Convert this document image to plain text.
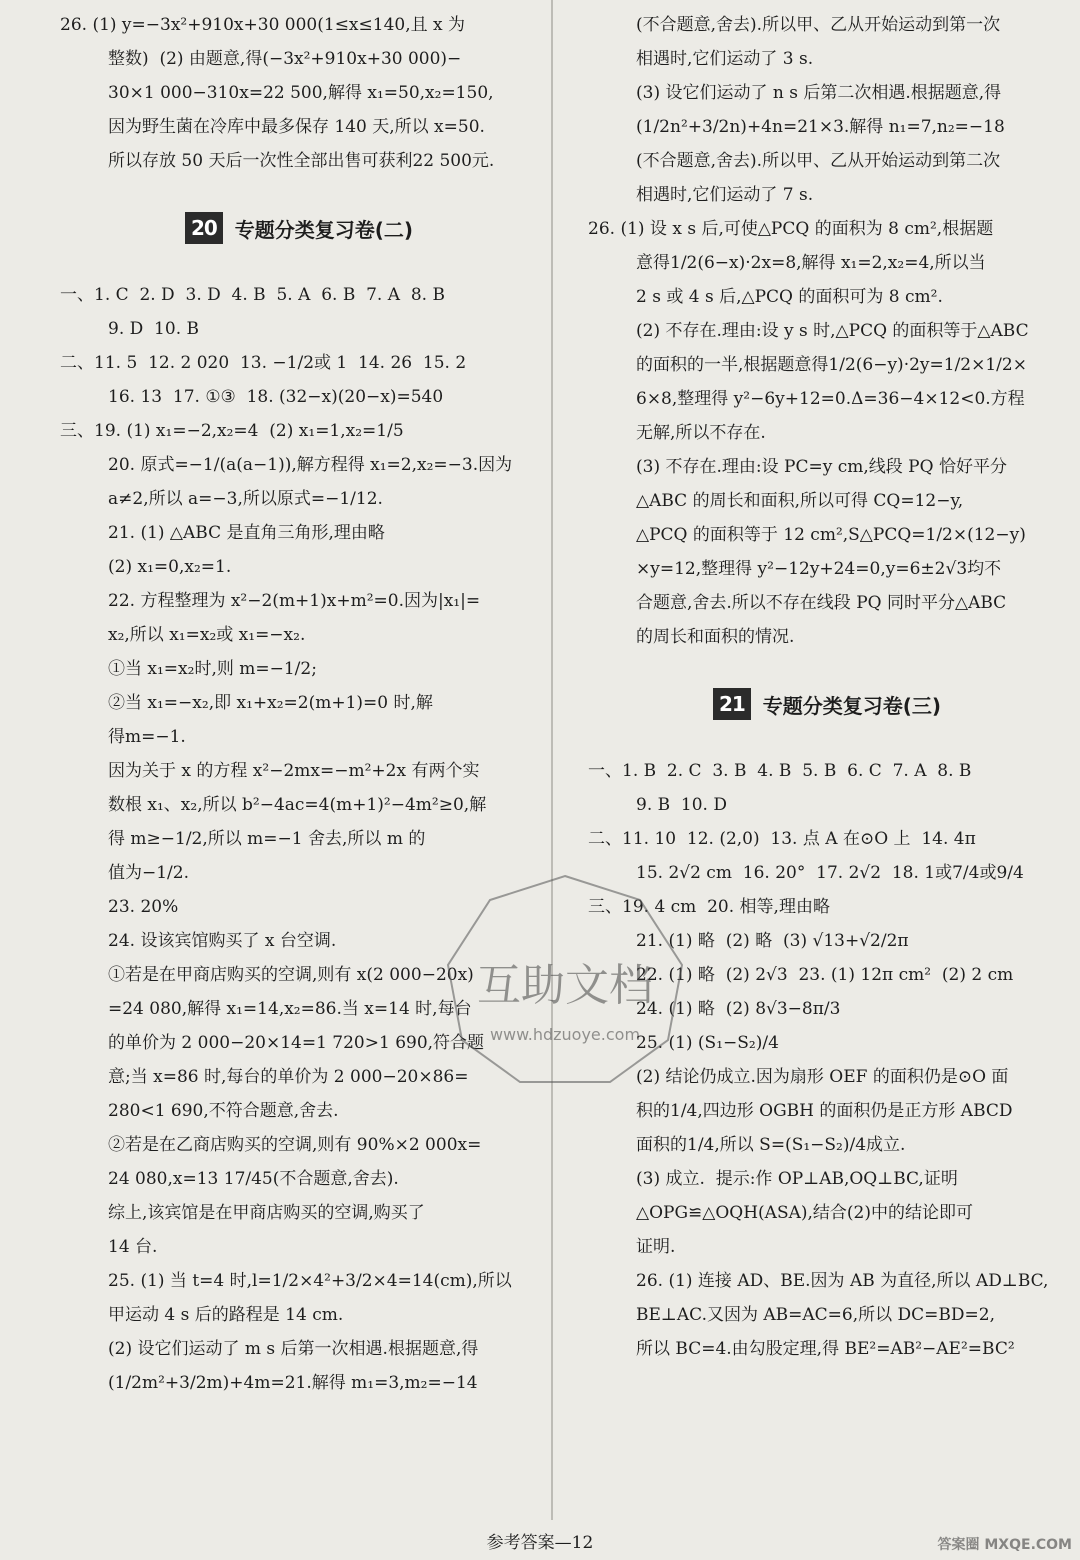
26. (1) y=−3x²+910x+30 000(1≤x≤140,且 x 为

整数)  (2) 由题意,得(−3x²+910x+30 000)−

30×1 000−310x=22 500,解得 x₁=50,x₂=150,

因为野生菌在冷库中最多保存 140 天,所以 x=50.

所以存放 50 天后一次性全部出售可获利22 500元.

20 专题分类复习卷(二)

一、1. C  2. D  3. D  4. B  5. A  6. B  7. A  8. B

9. D  10. B

二、11. 5  12. 2 020  13. −1/2或 1  14. 26  15. 2

16. 13  17. ①③  18. (32−x)(20−x)=540

三、19. (1) x₁=−2,x₂=4  (2) x₁=1,x₂=1/5

20. 原式=−1/(a(a−1)),解方程得 x₁=2,x₂=−3.因为

a≠2,所以 a=−3,所以原式=−1/12.

21. (1) △ABC 是直角三角形,理由略

(2) x₁=0,x₂=1.

22. 方程整理为 x²−2(m+1)x+m²=0.因为|x₁|=

x₂,所以 x₁=x₂或 x₁=−x₂.

①当 x₁=x₂时,则 m=−1/2;

②当 x₁=−x₂,即 x₁+x₂=2(m+1)=0 时,解

得m=−1.

因为关于 x 的方程 x²−2mx=−m²+2x 有两个实

数根 x₁、x₂,所以 b²−4ac=4(m+1)²−4m²≥0,解

得 m≥−1/2,所以 m=−1 舍去,所以 m 的

值为−1/2.

23. 20%

24. 设该宾馆购买了 x 台空调.

①若是在甲商店购买的空调,则有 x(2 000−20x)

=24 080,解得 x₁=14,x₂=86.当 x=14 时,每台

的单价为 2 000−20×14=1 720>1 690,符合题

意;当 x=86 时,每台的单价为 2 000−20×86=

280<1 690,不符合题意,舍去.

②若是在乙商店购买的空调,则有 90%×2 000x=

24 080,x=13 17/45(不合题意,舍去).

综上,该宾馆是在甲商店购买的空调,购买了

14 台.

25. (1) 当 t=4 时,l=1/2×4²+3/2×4=14(cm),所以

甲运动 4 s 后的路程是 14 cm.

(2) 设它们运动了 m s 后第一次相遇.根据题意,得

(1/2m²+3/2m)+4m=21.解得 m₁=3,m₂=−14

(不合题意,舍去).所以甲、乙从开始运动到第一次

相遇时,它们运动了 3 s.

(3) 设它们运动了 n s 后第二次相遇.根据题意,得

(1/2n²+3/2n)+4n=21×3.解得 n₁=7,n₂=−18

(不合题意,舍去).所以甲、乙从开始运动到第二次

相遇时,它们运动了 7 s.

26. (1) 设 x s 后,可使△PCQ 的面积为 8 cm²,根据题

意得1/2(6−x)·2x=8,解得 x₁=2,x₂=4,所以当

2 s 或 4 s 后,△PCQ 的面积可为 8 cm².

(2) 不存在.理由:设 y s 时,△PCQ 的面积等于△ABC

的面积的一半,根据题意得1/2(6−y)·2y=1/2×1/2×

6×8,整理得 y²−6y+12=0.Δ=36−4×12<0.方程

无解,所以不存在.

(3) 不存在.理由:设 PC=y cm,线段 PQ 恰好平分

△ABC 的周长和面积,所以可得 CQ=12−y,

△PCQ 的面积等于 12 cm²,S△PCQ=1/2×(12−y)

×y=12,整理得 y²−12y+24=0,y=6±2√3均不

合题意,舍去.所以不存在线段 PQ 同时平分△ABC

的周长和面积的情况.

21 专题分类复习卷(三)

一、1. B  2. C  3. B  4. B  5. B  6. C  7. A  8. B

9. B  10. D

二、11. 10  12. (2,0)  13. 点 A 在⊙O 上  14. 4π

15. 2√2 cm  16. 20°  17. 2√2  18. 1或7/4或9/4

三、19. 4 cm  20. 相等,理由略

21. (1) 略  (2) 略  (3) √13+√2/2π

22. (1) 略  (2) 2√3  23. (1) 12π cm²  (2) 2 cm

24. (1) 略  (2) 8√3−8π/3

25. (1) (S₁−S₂)/4

(2) 结论仍成立.因为扇形 OEF 的面积仍是⊙O 面

积的1/4,四边形 OGBH 的面积仍是正方形 ABCD

面积的1/4,所以 S=(S₁−S₂)/4成立.

(3) 成立.  提示:作 OP⊥AB,OQ⊥BC,证明

△OPG≌△OQH(ASA),结合(2)中的结论即可

证明.

26. (1) 连接 AD、BE.因为 AB 为直径,所以 AD⊥BC,

BE⊥AC.又因为 AB=AC=6,所以 DC=BD=2,

所以 BC=4.由勾股定理,得 BE²=AB²−AE²=BC²

互助文档
www.hdzuoye.com
答案圈 MXQE.COM
参考答案—12
